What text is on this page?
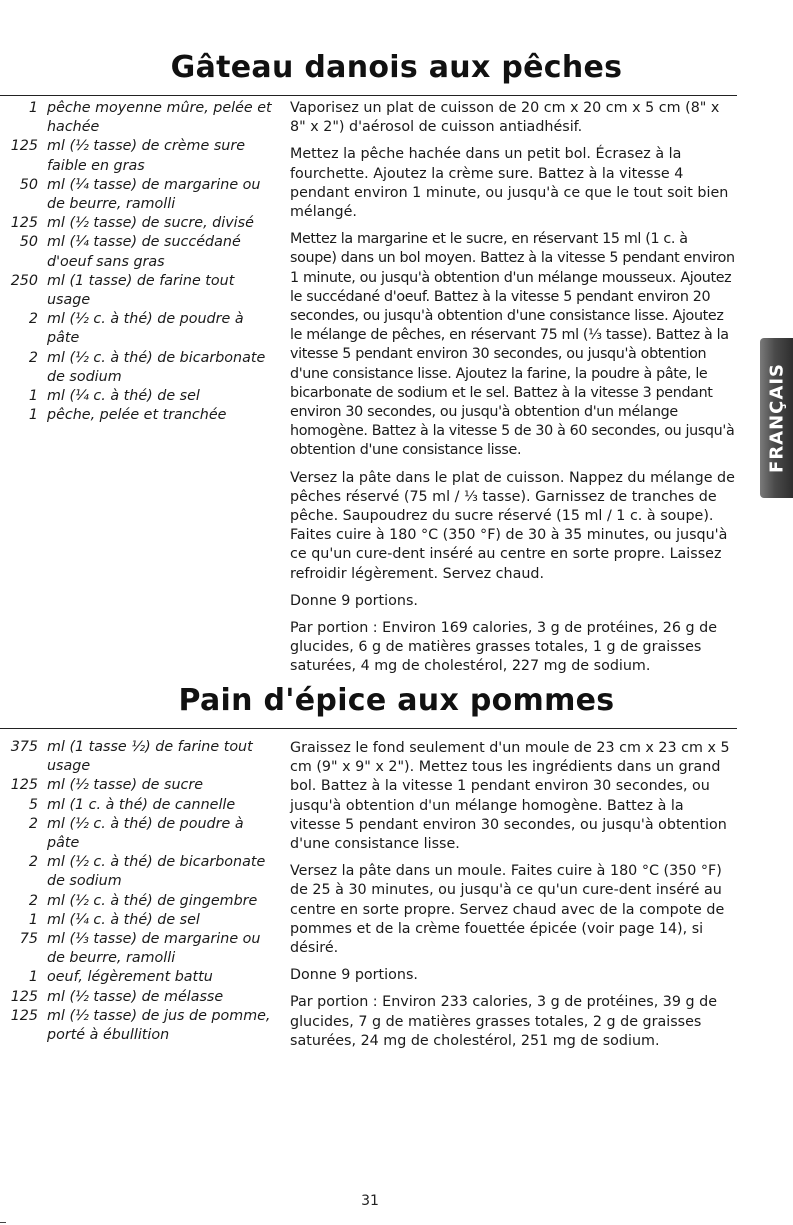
Gâteau danois aux pêches
1 pêche moyenne mûre, pelée et hachée
125 ml (½ tasse) de crème sure faible en gras
50 ml (¼ tasse) de margarine ou de beurre, ramolli
125 ml (½ tasse) de sucre, divisé
50 ml (¼ tasse) de succédané d'oeuf sans gras
250 ml (1 tasse) de farine tout usage
2 ml (½ c. à thé) de poudre à pâte
2 ml (½ c. à thé) de bicarbonate de sodium
1 ml (¼ c. à thé) de sel
1 pêche, pelée et tranchée

Vaporisez un plat de cuisson de 20 cm x 20 cm x 5 cm (8" x 8" x 2") d'aérosol de cuisson antiadhésif.

Mettez la pêche hachée dans un petit bol. Écrasez à la fourchette. Ajoutez la crème sure. Battez à la vitesse 4 pendant environ 1 minute, ou jusqu'à ce que le tout soit bien mélangé.

Mettez la margarine et le sucre, en réservant 15 ml (1 c. à soupe) dans un bol moyen. Battez à la vitesse 5 pendant environ 1 minute, ou jusqu'à obtention d'un mélange mousseux. Ajoutez le succédané d'oeuf. Battez à la vitesse 5 pendant environ 20 secondes, ou jusqu'à obtention d'une consistance lisse. Ajoutez le mélange de pêches, en réservant 75 ml (⅓ tasse). Battez à la vitesse 5 pendant environ 30 secondes, ou jusqu'à obtention d'une consistance lisse. Ajoutez la farine, la poudre à pâte, le bicarbonate de sodium et le sel. Battez à la vitesse 3 pendant environ 30 secondes, ou jusqu'à obtention d'un mélange homogène. Battez à la vitesse 5 de 30 à 60 secondes, ou jusqu'à obtention d'une consistance lisse.

Versez la pâte dans le plat de cuisson. Nappez du mélange de pêches réservé (75 ml / ⅓ tasse). Garnissez de tranches de pêche. Saupoudrez du sucre réservé (15 ml / 1 c. à soupe). Faites cuire à 180 °C (350 °F) de 30 à 35 minutes, ou jusqu'à ce qu'un cure-dent inséré au centre en sorte propre. Laissez refroidir légèrement. Servez chaud.

Donne 9 portions.

Par portion : Environ 169 calories, 3 g de protéines, 26 g de glucides, 6 g de matières grasses totales, 1 g de graisses saturées, 4 mg de cholestérol, 227 mg de sodium.

Pain d'épice aux pommes
375 ml (1 tasse ½) de farine tout usage
125 ml (½ tasse) de sucre
5 ml (1 c. à thé) de cannelle
2 ml (½ c. à thé) de poudre à pâte
2 ml (½ c. à thé) de bicarbonate de sodium
2 ml (½ c. à thé) de gingembre
1 ml (¼ c. à thé) de sel
75 ml (⅓ tasse) de margarine ou de beurre, ramolli
1 oeuf, légèrement battu
125 ml (½ tasse) de mélasse
125 ml (½ tasse) de jus de pomme, porté à ébullition

Graissez le fond seulement d'un moule de 23 cm x 23 cm x 5 cm (9" x 9" x 2"). Mettez tous les ingrédients dans un grand bol. Battez à la vitesse 1 pendant environ 30 secondes, ou jusqu'à obtention d'un mélange homogène. Battez à la vitesse 5 pendant environ 30 secondes, ou jusqu'à obtention d'une consistance lisse.

Versez la pâte dans un moule. Faites cuire à 180 °C (350 °F) de 25 à 30 minutes, ou jusqu'à ce qu'un cure-dent inséré au centre en sorte propre. Servez chaud avec de la compote de pommes et de la crème fouettée épicée (voir page 14), si désiré.

Donne 9 portions.

Par portion : Environ 233 calories, 3 g de protéines, 39 g de glucides, 7 g de matières grasses totales, 2 g de graisses saturées, 24 mg de cholestérol, 251 mg de sodium.

FRANÇAIS
31
